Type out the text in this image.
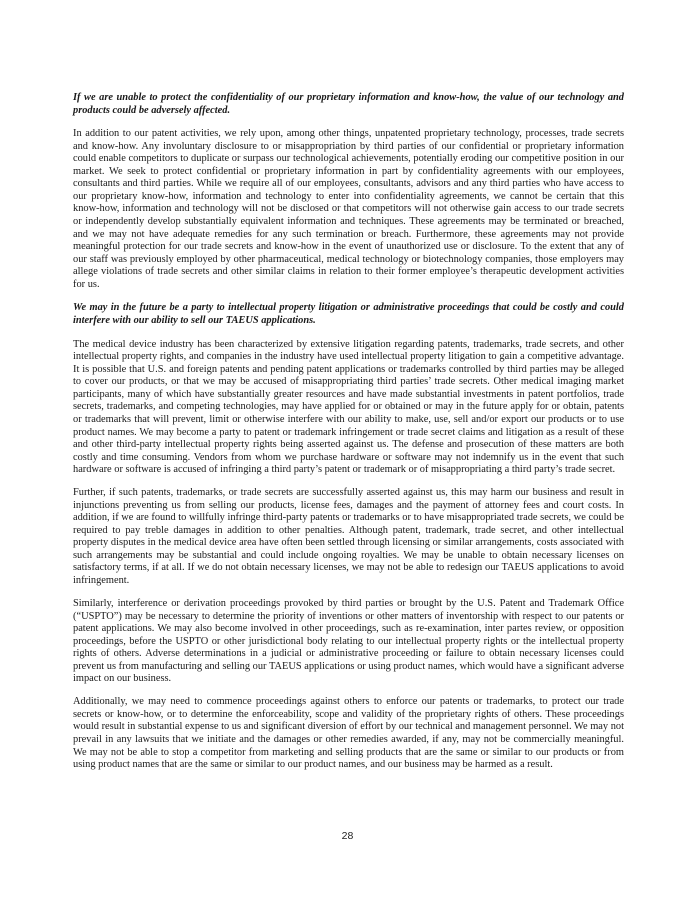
If we are unable to protect the confidentiality of our proprietary information and know-how, the value of our technology and products could be adversely affected.

In addition to our patent activities, we rely upon, among other things, unpatented proprietary technology, processes, trade secrets and know-how. Any involuntary disclosure to or misappropriation by third parties of our confidential or proprietary information could enable competitors to duplicate or surpass our technological achievements, potentially eroding our competitive position in our market. We seek to protect confidential or proprietary information in part by confidentiality agreements with our employees, consultants and third parties. While we require all of our employees, consultants, advisors and any third parties who have access to our proprietary know-how, information and technology to enter into confidentiality agreements, we cannot be certain that this know-how, information and technology will not be disclosed or that competitors will not otherwise gain access to our trade secrets or independently develop substantially equivalent information and techniques. These agreements may be terminated or breached, and we may not have adequate remedies for any such termination or breach. Furthermore, these agreements may not provide meaningful protection for our trade secrets and know-how in the event of unauthorized use or disclosure. To the extent that any of our staff was previously employed by other pharmaceutical, medical technology or biotechnology companies, those employers may allege violations of trade secrets and other similar claims in relation to their former employee’s therapeutic development activities for us.

We may in the future be a party to intellectual property litigation or administrative proceedings that could be costly and could interfere with our ability to sell our TAEUS applications.

The medical device industry has been characterized by extensive litigation regarding patents, trademarks, trade secrets, and other intellectual property rights, and companies in the industry have used intellectual property litigation to gain a competitive advantage. It is possible that U.S. and foreign patents and pending patent applications or trademarks controlled by third parties may be alleged to cover our products, or that we may be accused of misappropriating third parties’ trade secrets. Other medical imaging market participants, many of which have substantially greater resources and have made substantial investments in patent portfolios, trade secrets, trademarks, and competing technologies, may have applied for or obtained or may in the future apply for or obtain, patents or trademarks that will prevent, limit or otherwise interfere with our ability to make, use, sell and/or export our products or to use product names. We may become a party to patent or trademark infringement or trade secret claims and litigation as a result of these and other third-party intellectual property rights being asserted against us. The defense and prosecution of these matters are both costly and time consuming. Vendors from whom we purchase hardware or software may not indemnify us in the event that such hardware or software is accused of infringing a third party’s patent or trademark or of misappropriating a third party’s trade secret.

Further, if such patents, trademarks, or trade secrets are successfully asserted against us, this may harm our business and result in injunctions preventing us from selling our products, license fees, damages and the payment of attorney fees and court costs. In addition, if we are found to willfully infringe third-party patents or trademarks or to have misappropriated trade secrets, we could be required to pay treble damages in addition to other penalties. Although patent, trademark, trade secret, and other intellectual property disputes in the medical device area have often been settled through licensing or similar arrangements, costs associated with such arrangements may be substantial and could include ongoing royalties. We may be unable to obtain necessary licenses on satisfactory terms, if at all. If we do not obtain necessary licenses, we may not be able to redesign our TAEUS applications to avoid infringement.

Similarly, interference or derivation proceedings provoked by third parties or brought by the U.S. Patent and Trademark Office (“USPTO”) may be necessary to determine the priority of inventions or other matters of inventorship with respect to our patents or patent applications. We may also become involved in other proceedings, such as re-examination, inter partes review, or opposition proceedings, before the USPTO or other jurisdictional body relating to our intellectual property rights or the intellectual property rights of others. Adverse determinations in a judicial or administrative proceeding or failure to obtain necessary licenses could prevent us from manufacturing and selling our TAEUS applications or using product names, which would have a significant adverse impact on our business.

Additionally, we may need to commence proceedings against others to enforce our patents or trademarks, to protect our trade secrets or know-how, or to determine the enforceability, scope and validity of the proprietary rights of others. These proceedings would result in substantial expense to us and significant diversion of effort by our technical and management personnel. We may not prevail in any lawsuits that we initiate and the damages or other remedies awarded, if any, may not be commercially meaningful. We may not be able to stop a competitor from marketing and selling products that are the same or similar to our products or from using product names that are the same or similar to our product names, and our business may be harmed as a result.

28
